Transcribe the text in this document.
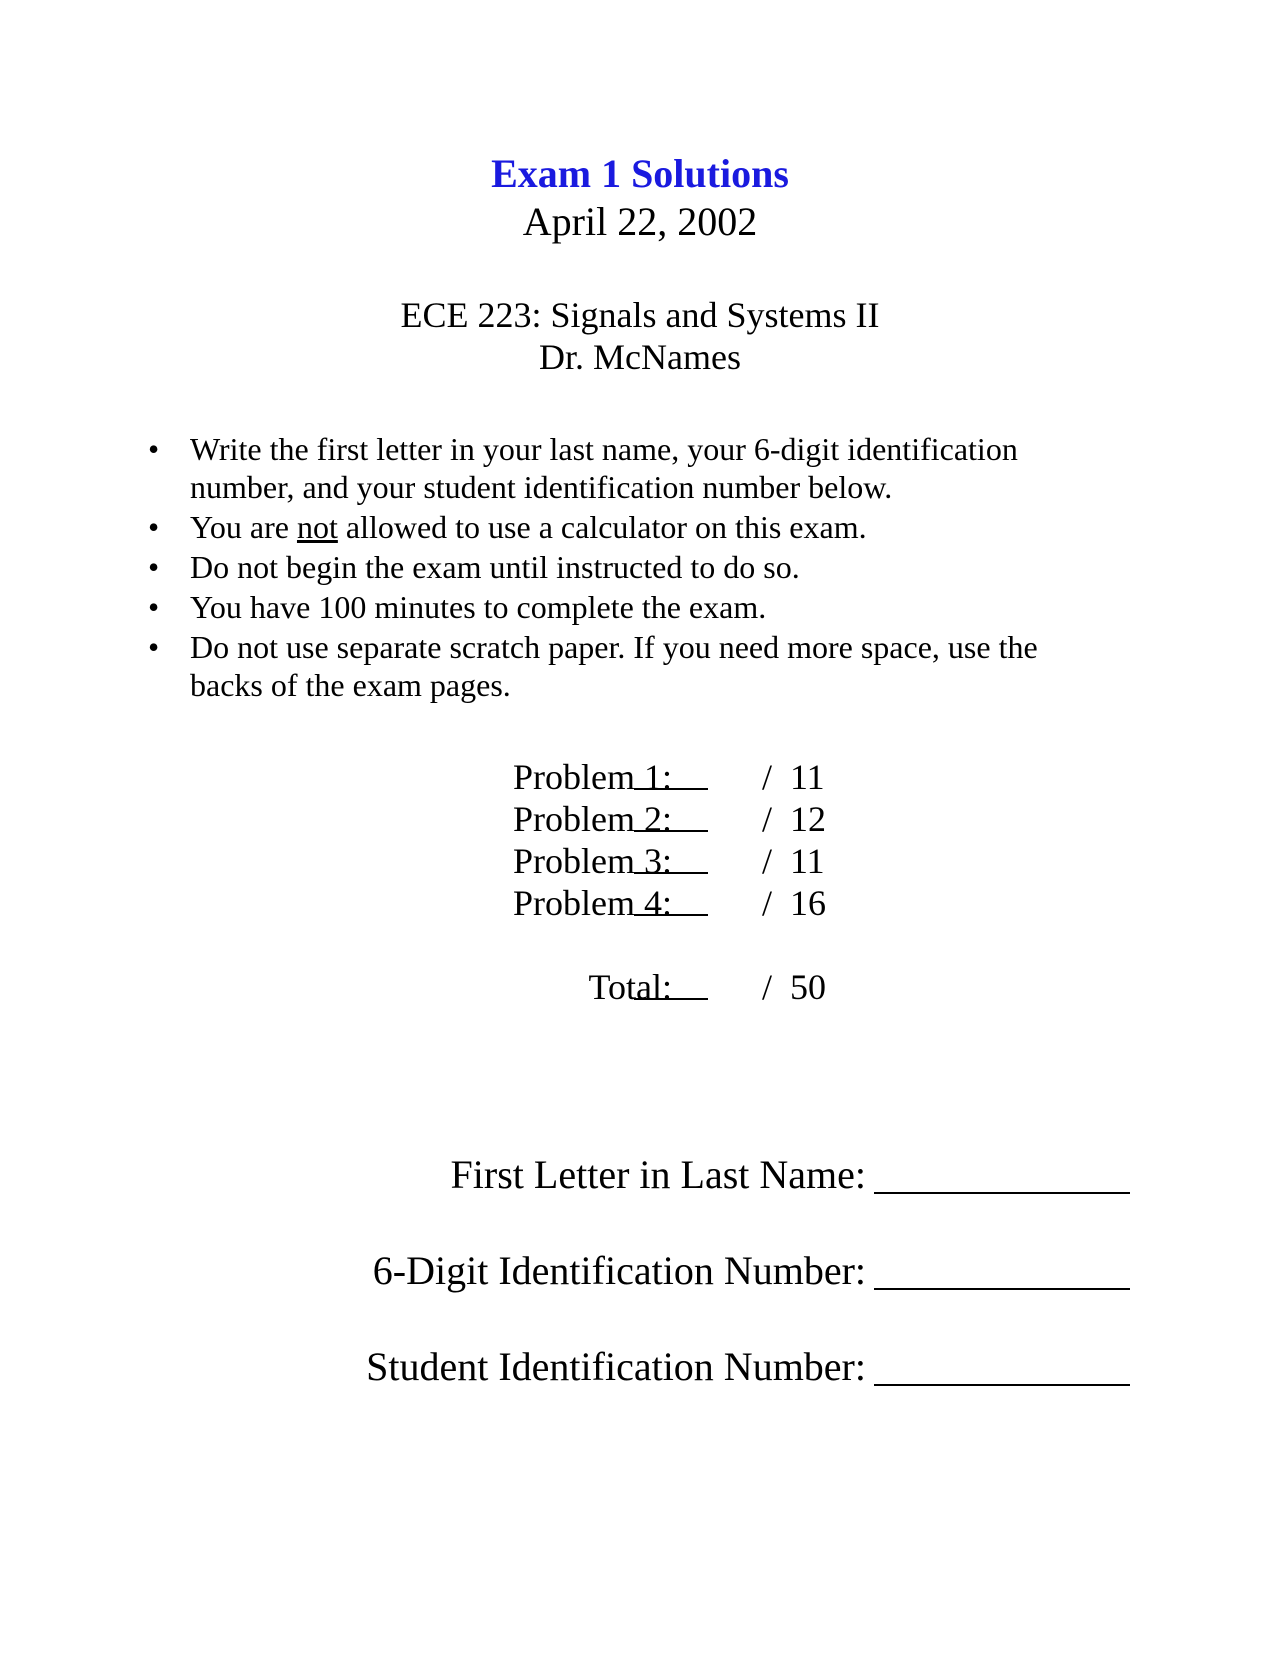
Exam 1 Solutions
April 22, 2002
ECE 223: Signals and Systems II
Dr. McNames
• Write the first letter in your last name, your 6-digit identification
number, and your student identification number below.
• You are not allowed to use a calculator on this exam.
• Do not begin the exam until instructed to do so.
• You have 100 minutes to complete the exam.
• Do not use separate scratch paper. If you need more space, use the
backs of the exam pages.
Problem 1:	/ 11
Problem 2:	/ 12
Problem 3:	/ 11
Problem 4:	/ 16
Total:	/ 50
First Letter in Last Name:
6-Digit Identification Number:
Student Identification Number:
